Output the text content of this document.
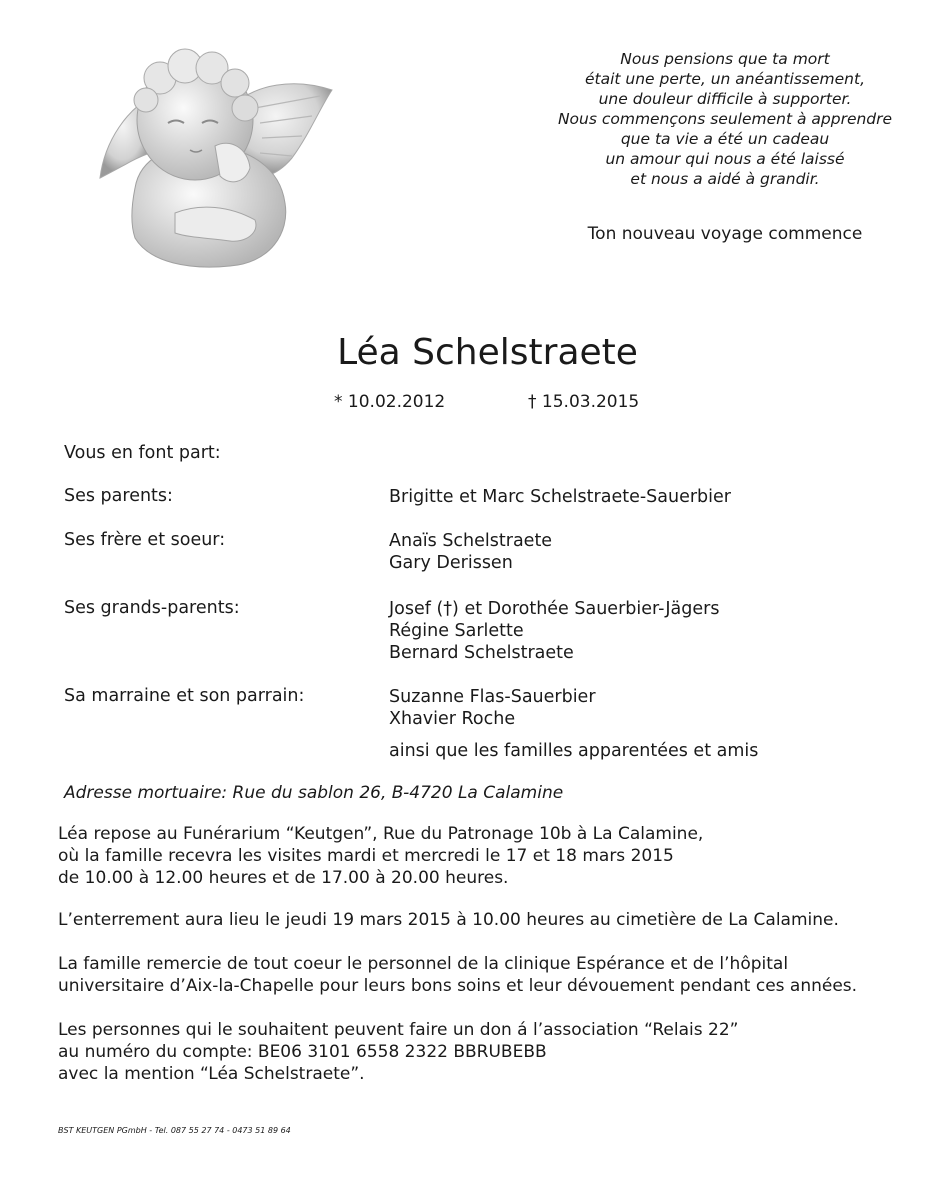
Nous pensions que ta mort
était une perte, un anéantissement,
une douleur difficile à supporter.
Nous commençons seulement à apprendre
que ta vie a été un cadeau
un amour qui nous a été laissé
et nous a aidé à grandir.
Ton nouveau voyage commence
Léa Schelstraete
* 10.02.2012	† 15.03.2015
Vous en font part:
Ses parents:	Brigitte et Marc Schelstraete-Sauerbier
Ses frère et soeur:	Anaïs Schelstraete
Gary Derissen
Ses grands-parents:	Josef (†) et Dorothée Sauerbier-Jägers
Régine Sarlette
Bernard Schelstraete
Sa marraine et son parrain:	Suzanne Flas-Sauerbier
Xhavier Roche
ainsi que les familles apparentées et amis
Adresse mortuaire: Rue du sablon 26, B-4720 La Calamine
Léa repose au Funérarium “Keutgen”, Rue du Patronage 10b à La Calamine,
où la famille recevra les visites mardi et mercredi le 17 et 18 mars 2015
de 10.00 à 12.00 heures et de 17.00 à 20.00 heures.
L’enterrement aura lieu le jeudi 19 mars 2015 à 10.00 heures au cimetière de La Calamine.
La famille remercie de tout coeur le personnel de la clinique Espérance et de l’hôpital
universitaire d’Aix-la-Chapelle pour leurs bons soins et leur dévouement pendant ces années.
Les personnes qui le souhaitent peuvent faire un don á l’association “Relais 22”
au numéro du compte: BE06 3101 6558 2322 BBRUBEBB
avec la mention “Léa Schelstraete”.
BST KEUTGEN PGmbH - Tel. 087 55 27 74 - 0473 51 89 64
